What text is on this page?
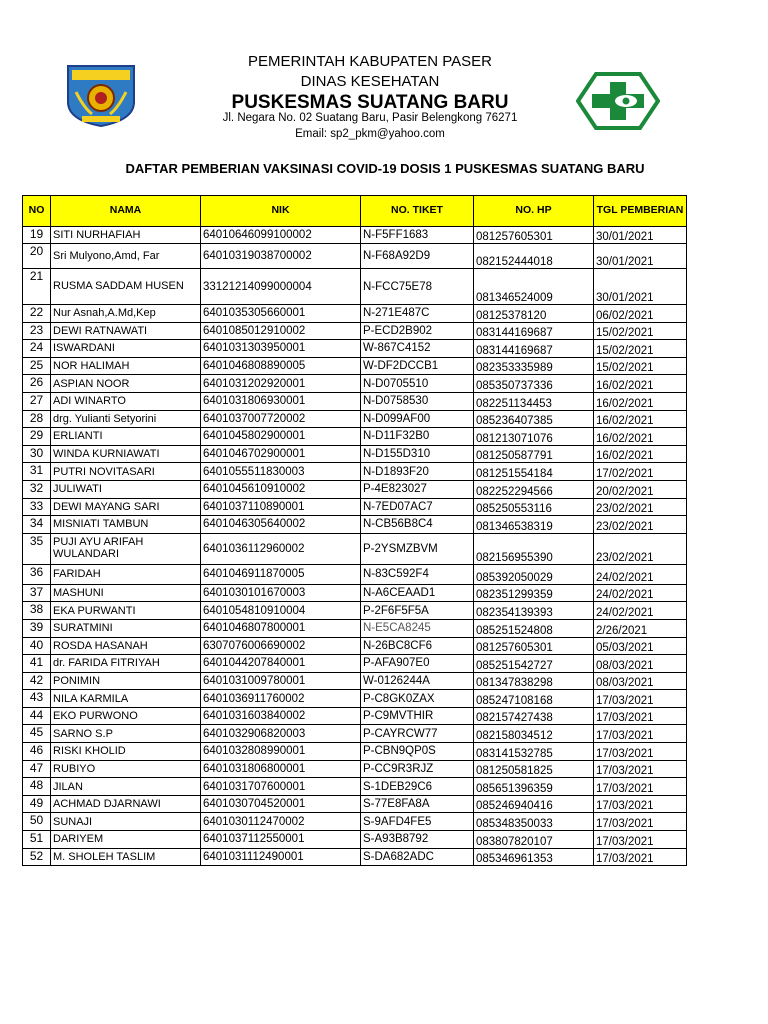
PEMERINTAH KABUPATEN PASER
DINAS KESEHATAN
PUSKESMAS SUATANG BARU
Jl. Negara No. 02 Suatang Baru, Pasir Belengkong 76271
Email: sp2_pkm@yahoo.com
DAFTAR PEMBERIAN VAKSINASI COVID-19 DOSIS 1 PUSKESMAS SUATANG BARU
NO	NAMA	NIK	NO. TIKET	NO. HP	TGL PEMBERIAN
19	SITI NURHAFIAH	64010646099100002	N-F5FF1683	081257605301	30/01/2021
20	Sri Mulyono,Amd, Far	64010319038700002	N-F68A92D9	082152444018	30/01/2021
21	RUSMA SADDAM HUSEN	33121214099000004	N-FCC75E78	081346524009	30/01/2021
22	Nur Asnah,A.Md,Kep	6401035305660001	N-271E487C	08125378120	06/02/2021
23	DEWI RATNAWATI	6401085012910002	P-ECD2B902	083144169687	15/02/2021
24	ISWARDANI	6401031303950001	W-867C4152	083144169687	15/02/2021
25	NOR HALIMAH	6401046808890005	W-DF2DCCB1	082353335989	15/02/2021
26	ASPIAN NOOR	6401031202920001	N-D0705510	085350737336	16/02/2021
27	ADI WINARTO	6401031806930001	N-D0758530	082251134453	16/02/2021
28	drg. Yulianti Setyorini	6401037007720002	N-D099AF00	085236407385	16/02/2021
29	ERLIANTI	6401045802900001	N-D11F32B0	081213071076	16/02/2021
30	WINDA KURNIAWATI	6401046702900001	N-D155D310	081250587791	16/02/2021
31	PUTRI NOVITASARI	6401055511830003	N-D1893F20	081251554184	17/02/2021
32	JULIWATI	6401045610910002	P-4E823027	082252294566	20/02/2021
33	DEWI MAYANG SARI	6401037110890001	N-7ED07AC7	085250553116	23/02/2021
34	MISNIATI TAMBUN	6401046305640002	N-CB56B8C4	081346538319	23/02/2021
35	PUJI AYU ARIFAH WULANDARI	6401036112960002	P-2YSMZBVM	082156955390	23/02/2021
36	FARIDAH	6401046911870005	N-83C592F4	085392050029	24/02/2021
37	MASHUNI	6401030101670003	N-A6CEAAD1	082351299359	24/02/2021
38	EKA PURWANTI	6401054810910004	P-2F6F5F5A	082354139393	24/02/2021
39	SURATMINI	6401046807800001	N-E5CA8245	085251524808	2/26/2021
40	ROSDA HASANAH	6307076006690002	N-26BC8CF6	081257605301	05/03/2021
41	dr. FARIDA FITRIYAH	6401044207840001	P-AFA907E0	085251542727	08/03/2021
42	PONIMIN	6401031009780001	W-0126244A	081347838298	08/03/2021
43	NILA KARMILA	6401036911760002	P-C8GK0ZAX	085247108168	17/03/2021
44	EKO PURWONO	6401031603840002	P-C9MVTHIR	082157427438	17/03/2021
45	SARNO S.P	6401032906820003	P-CAYRCW77	082158034512	17/03/2021
46	RISKI KHOLID	6401032808990001	P-CBN9QP0S	083141532785	17/03/2021
47	RUBIYO	6401031806800001	P-CC9R3RJZ	081250581825	17/03/2021
48	JILAN	6401031707600001	S-1DEB29C6	085651396359	17/03/2021
49	ACHMAD DJARNAWI	6401030704520001	S-77E8FA8A	085246940416	17/03/2021
50	SUNAJI	6401030112470002	S-9AFD4FE5	085348350033	17/03/2021
51	DARIYEM	6401037112550001	S-A93B8792	083807820107	17/03/2021
52	M. SHOLEH TASLIM	6401031112490001	S-DA682ADC	085346961353	17/03/2021
